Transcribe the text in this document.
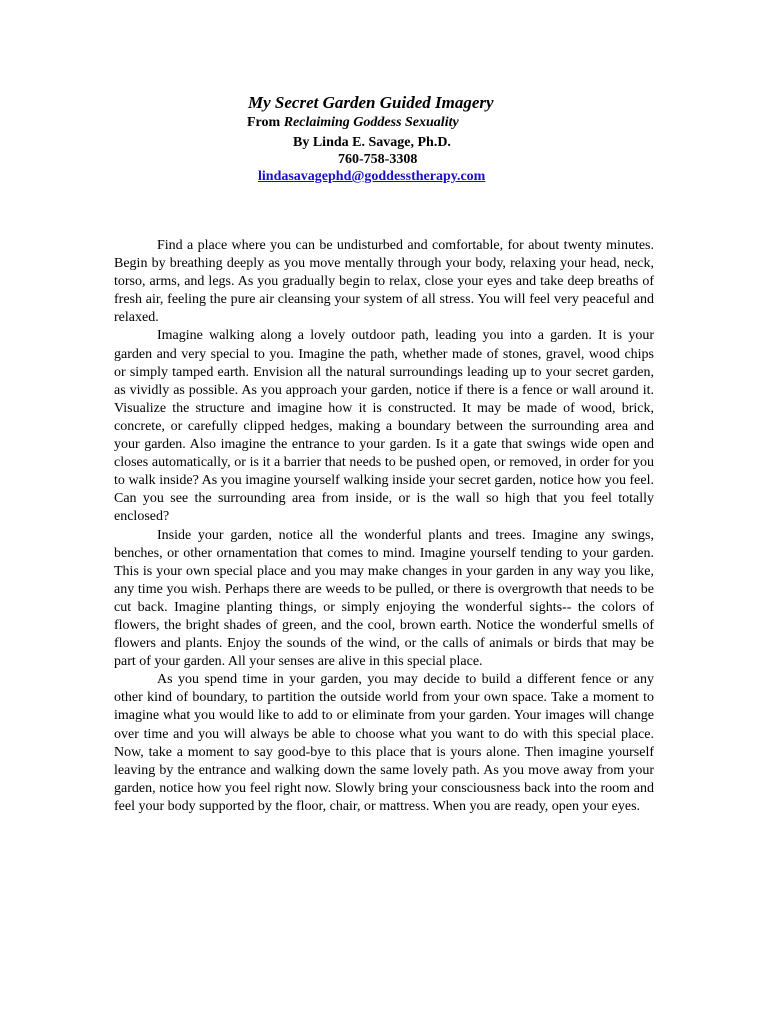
My Secret Garden Guided Imagery
From Reclaiming Goddess Sexuality
By Linda E. Savage, Ph.D.
760-758-3308
lindasavagephd@goddesstherapy.com

Find a place where you can be undisturbed and comfortable, for about twenty minutes. Begin by breathing deeply as you move mentally through your body, relaxing your head, neck, torso, arms, and legs. As you gradually begin to relax, close your eyes and take deep breaths of fresh air, feeling the pure air cleansing your system of all stress. You will feel very peaceful and relaxed.

Imagine walking along a lovely outdoor path, leading you into a garden. It is your garden and very special to you. Imagine the path, whether made of stones, gravel, wood chips or simply tamped earth. Envision all the natural surroundings leading up to your secret garden, as vividly as possible. As you approach your garden, notice if there is a fence or wall around it. Visualize the structure and imagine how it is constructed. It may be made of wood, brick, concrete, or carefully clipped hedges, making a boundary between the surrounding area and your garden. Also imagine the entrance to your garden. Is it a gate that swings wide open and closes automatically, or is it a barrier that needs to be pushed open, or removed, in order for you to walk inside? As you imagine yourself walking inside your secret garden, notice how you feel. Can you see the surrounding area from inside, or is the wall so high that you feel totally enclosed?

Inside your garden, notice all the wonderful plants and trees. Imagine any swings, benches, or other ornamentation that comes to mind. Imagine yourself tending to your garden. This is your own special place and you may make changes in your garden in any way you like, any time you wish. Perhaps there are weeds to be pulled, or there is overgrowth that needs to be cut back. Imagine planting things, or simply enjoying the wonderful sights-- the colors of flowers, the bright shades of green, and the cool, brown earth. Notice the wonderful smells of flowers and plants. Enjoy the sounds of the wind, or the calls of animals or birds that may be part of your garden. All your senses are alive in this special place.

As you spend time in your garden, you may decide to build a different fence or any other kind of boundary, to partition the outside world from your own space. Take a moment to imagine what you would like to add to or eliminate from your garden. Your images will change over time and you will always be able to choose what you want to do with this special place. Now, take a moment to say good-bye to this place that is yours alone. Then imagine yourself leaving by the entrance and walking down the same lovely path. As you move away from your garden, notice how you feel right now. Slowly bring your consciousness back into the room and feel your body supported by the floor, chair, or mattress. When you are ready, open your eyes.
